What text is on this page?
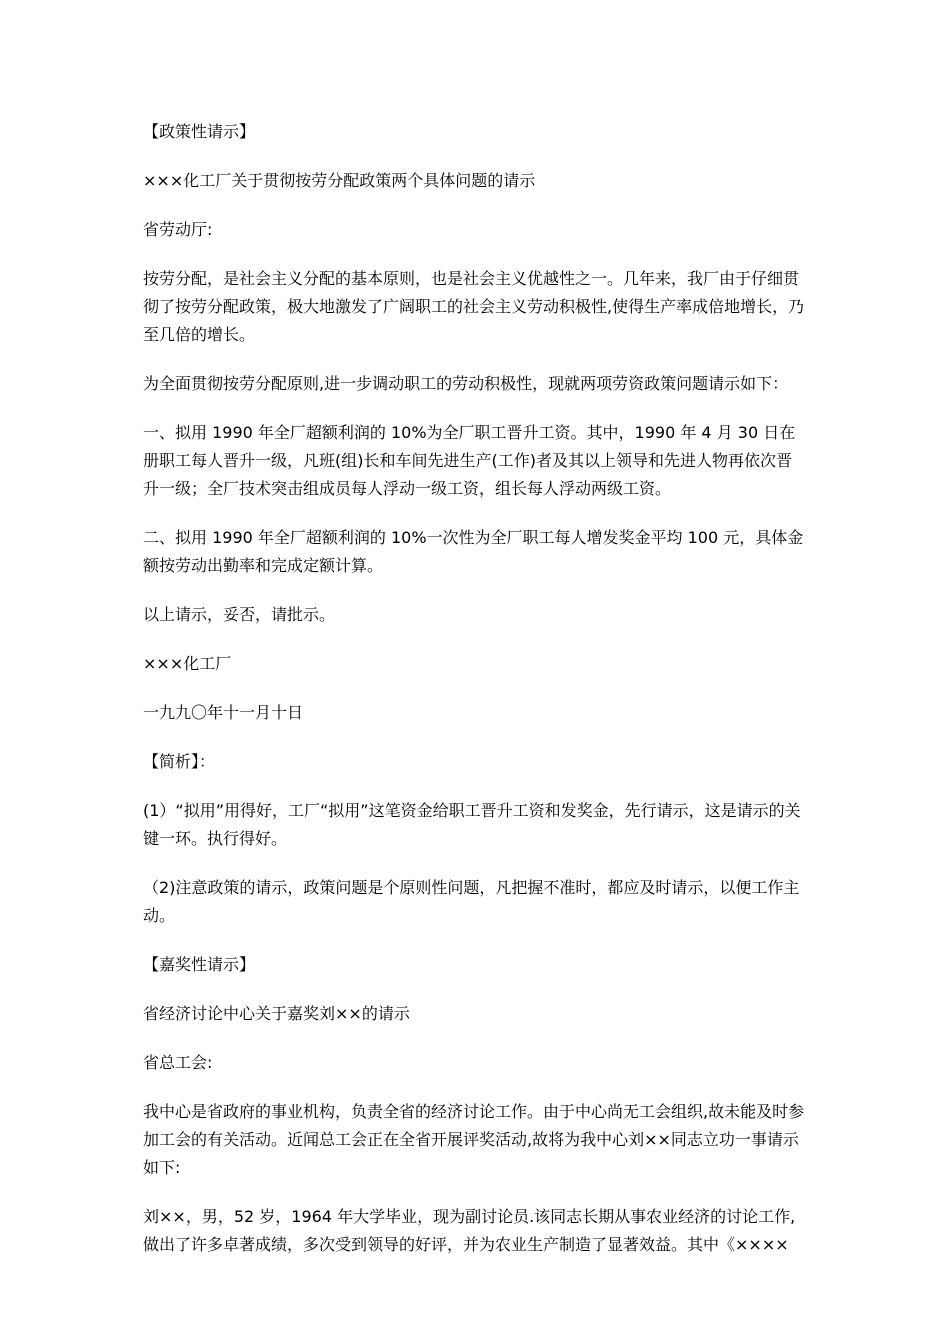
【政策性请示】

×××化工厂关于贯彻按劳分配政策两个具体问题的请示

省劳动厅:

按劳分配，是社会主义分配的基本原则，也是社会主义优越性之一。几年来，我厂由于仔细贯彻了按劳分配政策，极大地激发了广阔职工的社会主义劳动积极性,使得生产率成倍地增长，乃至几倍的增长。

为全面贯彻按劳分配原则,进一步调动职工的劳动积极性，现就两项劳资政策问题请示如下：

一、拟用 1990 年全厂超额利润的 10%为全厂职工晋升工资。其中，1990 年 4 月 30 日在册职工每人晋升一级，凡班(组)长和车间先进生产(工作)者及其以上领导和先进人物再依次晋升一级；全厂技术突击组成员每人浮动一级工资，组长每人浮动两级工资。

二、拟用 1990 年全厂超额利润的 10%一次性为全厂职工每人增发奖金平均 100 元，具体金额按劳动出勤率和完成定额计算。

以上请示，妥否，请批示。

×××化工厂

一九九〇年十一月十日

【简析】：

(1）“拟用”用得好，工厂“拟用”这笔资金给职工晋升工资和发奖金，先行请示，这是请示的关键一环。执行得好。

（2)注意政策的请示，政策问题是个原则性问题，凡把握不准时，都应及时请示，以便工作主动。

【嘉奖性请示】

省经济讨论中心关于嘉奖刘××的请示

省总工会:

我中心是省政府的事业机构，负责全省的经济讨论工作。由于中心尚无工会组织,故未能及时参加工会的有关活动。近闻总工会正在全省开展评奖活动,故将为我中心刘××同志立功一事请示如下:

刘××，男，52 岁，1964 年大学毕业，现为副讨论员.该同志长期从事农业经济的讨论工作,做出了许多卓著成绩，多次受到领导的好评，并为农业生产制造了显著效益。其中《××××
